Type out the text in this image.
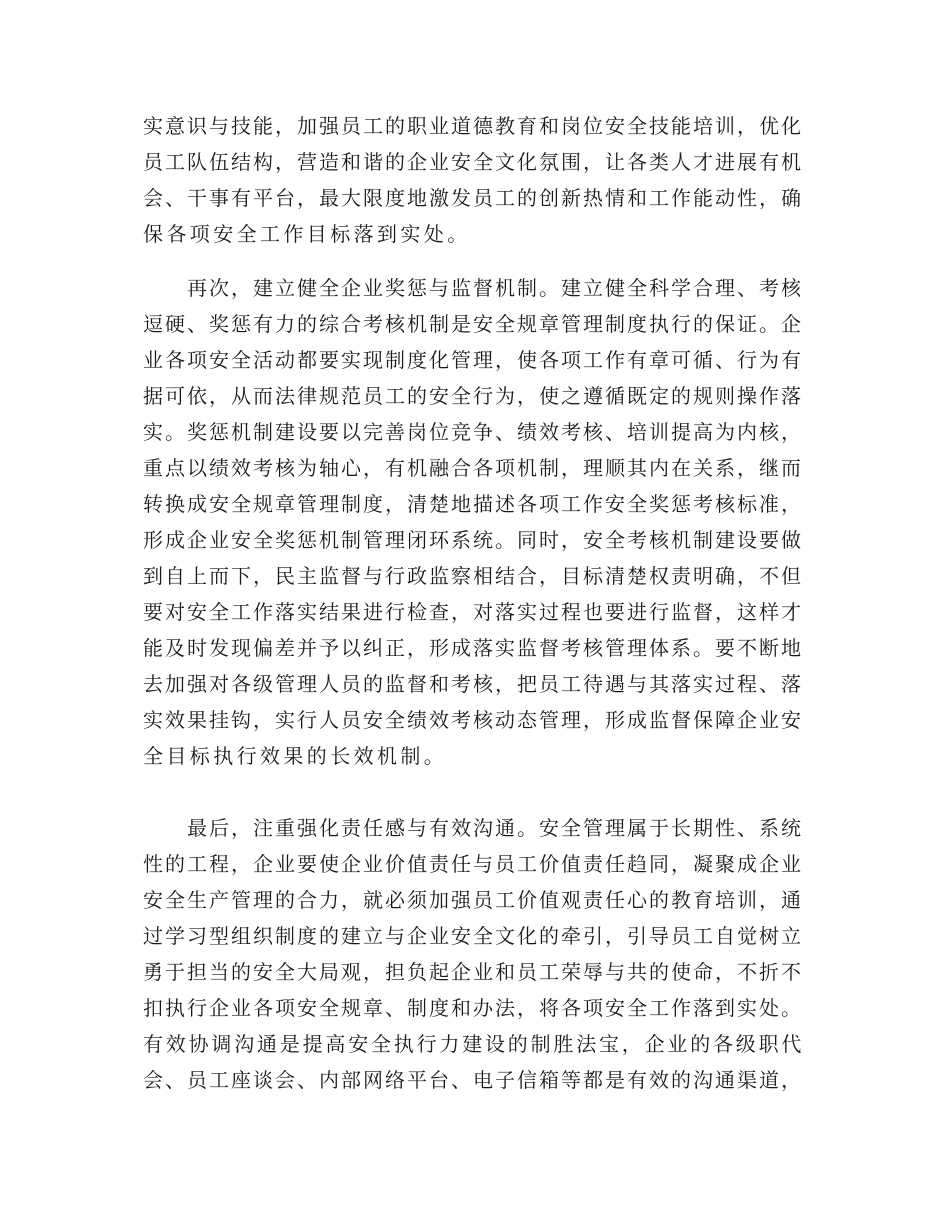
实意识与技能，加强员工的职业道德教育和岗位安全技能培训，优化
员工队伍结构，营造和谐的企业安全文化氛围，让各类人才进展有机
会、干事有平台，最大限度地激发员工的创新热情和工作能动性，确
保各项安全工作目标落到实处。
再次，建立健全企业奖惩与监督机制。建立健全科学合理、考核
逗硬、奖惩有力的综合考核机制是安全规章管理制度执行的保证。企
业各项安全活动都要实现制度化管理，使各项工作有章可循、行为有
据可依，从而法律规范员工的安全行为，使之遵循既定的规则操作落
实。奖惩机制建设要以完善岗位竞争、绩效考核、培训提高为内核，
重点以绩效考核为轴心，有机融合各项机制，理顺其内在关系，继而
转换成安全规章管理制度，清楚地描述各项工作安全奖惩考核标准，
形成企业安全奖惩机制管理闭环系统。同时，安全考核机制建设要做
到自上而下，民主监督与行政监察相结合，目标清楚权责明确，不但
要对安全工作落实结果进行检查，对落实过程也要进行监督，这样才
能及时发现偏差并予以纠正，形成落实监督考核管理体系。要不断地
去加强对各级管理人员的监督和考核，把员工待遇与其落实过程、落
实效果挂钩，实行人员安全绩效考核动态管理，形成监督保障企业安
全目标执行效果的长效机制。
最后，注重强化责任感与有效沟通。安全管理属于长期性、系统
性的工程，企业要使企业价值责任与员工价值责任趋同，凝聚成企业
安全生产管理的合力，就必须加强员工价值观责任心的教育培训，通
过学习型组织制度的建立与企业安全文化的牵引，引导员工自觉树立
勇于担当的安全大局观，担负起企业和员工荣辱与共的使命，不折不
扣执行企业各项安全规章、制度和办法，将各项安全工作落到实处。
有效协调沟通是提高安全执行力建设的制胜法宝，企业的各级职代
会、员工座谈会、内部网络平台、电子信箱等都是有效的沟通渠道，
